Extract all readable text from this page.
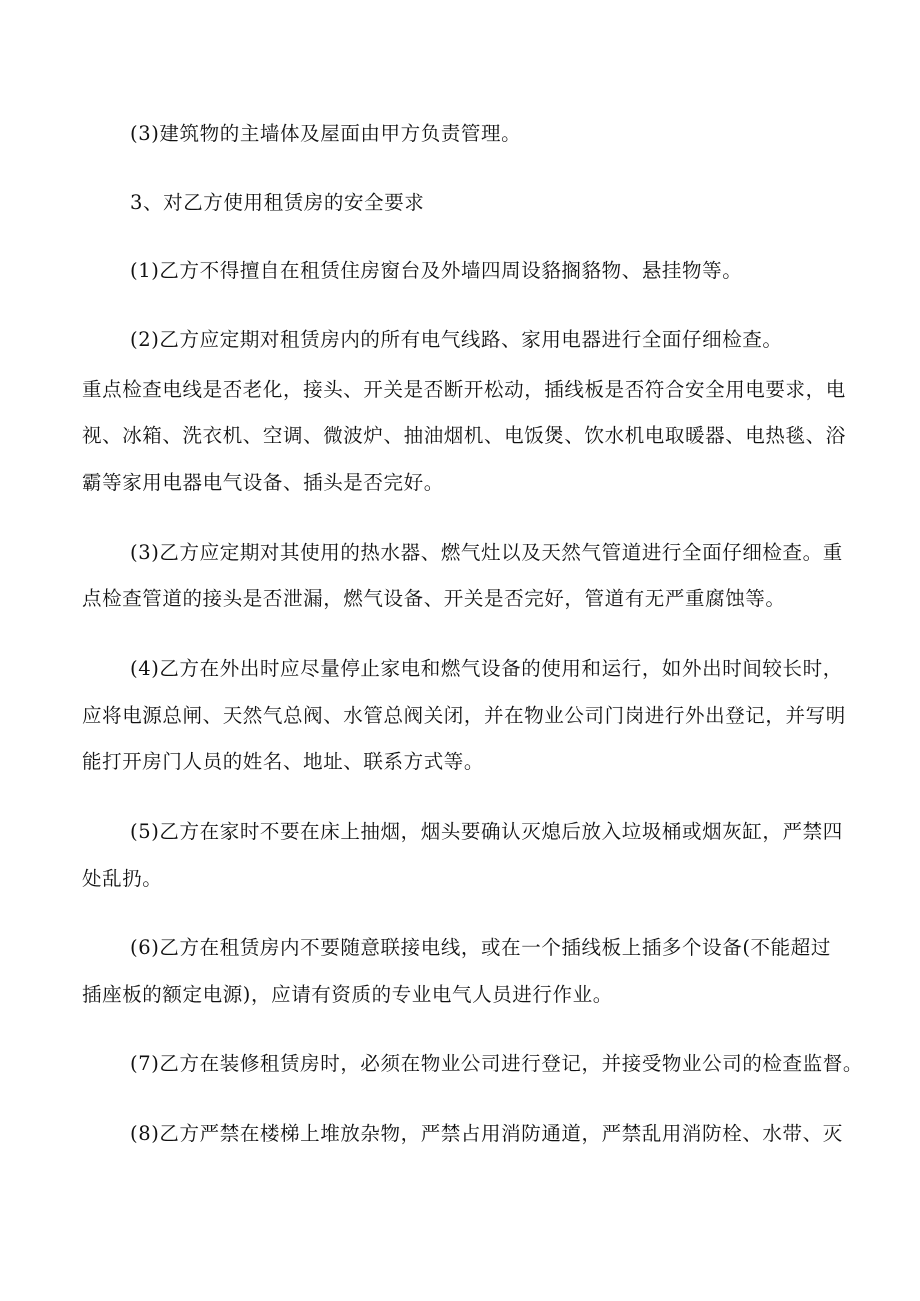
(3)建筑物的主墙体及屋面由甲方负责管理。
3、对乙方使用租赁房的安全要求
(1)乙方不得擅自在租赁住房窗台及外墙四周设貉搁貉物、悬挂物等。
(2)乙方应定期对租赁房内的所有电气线路、家用电器进行全面仔细检查。
重点检查电线是否老化，接头、开关是否断开松动，插线板是否符合安全用电要求，电
视、冰箱、洗衣机、空调、微波炉、抽油烟机、电饭煲、饮水机电取暖器、电热毯、浴
霸等家用电器电气设备、插头是否完好。
(3)乙方应定期对其使用的热水器、燃气灶以及天然气管道进行全面仔细检查。重
点检查管道的接头是否泄漏，燃气设备、开关是否完好，管道有无严重腐蚀等。
(4)乙方在外出时应尽量停止家电和燃气设备的使用和运行，如外出时间较长时，
应将电源总闸、天然气总阀、水管总阀关闭，并在物业公司门岗进行外出登记，并写明
能打开房门人员的姓名、地址、联系方式等。
(5)乙方在家时不要在床上抽烟，烟头要确认灭熄后放入垃圾桶或烟灰缸，严禁四
处乱扔。
(6)乙方在租赁房内不要随意联接电线，或在一个插线板上插多个设备(不能超过
插座板的额定电源)，应请有资质的专业电气人员进行作业。
(7)乙方在装修租赁房时，必须在物业公司进行登记，并接受物业公司的检查监督。
(8)乙方严禁在楼梯上堆放杂物，严禁占用消防通道，严禁乱用消防栓、水带、灭
